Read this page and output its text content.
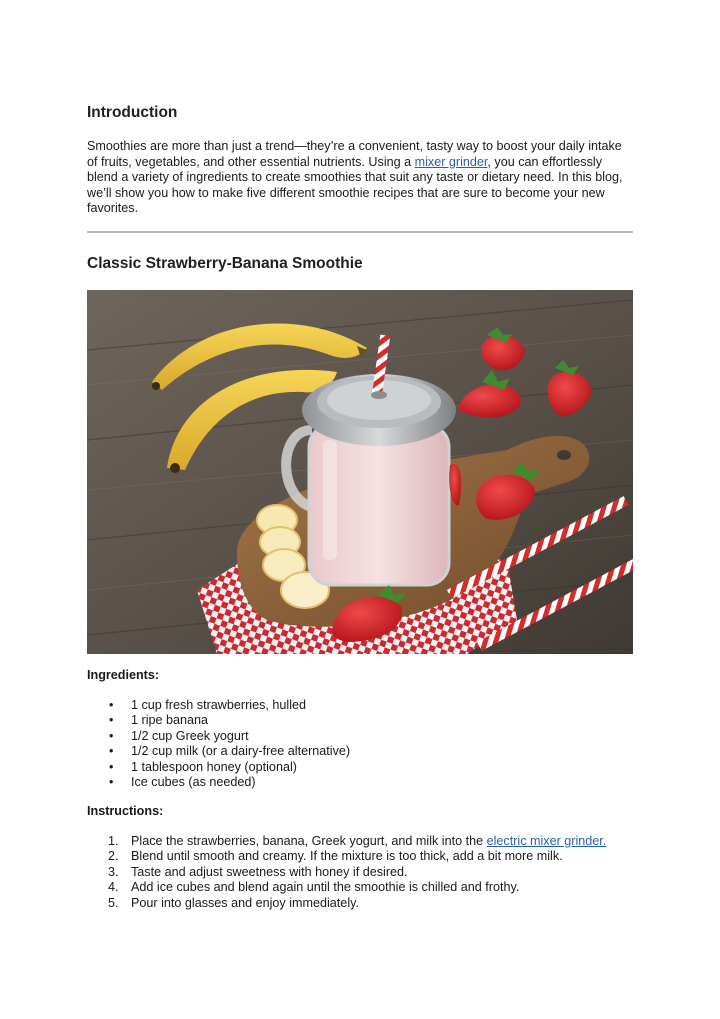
Introduction

Smoothies are more than just a trend—they’re a convenient, tasty way to boost your daily intake of fruits, vegetables, and other essential nutrients. Using a mixer grinder, you can effortlessly blend a variety of ingredients to create smoothies that suit any taste or dietary need. In this blog, we’ll show you how to make five different smoothie recipes that are sure to become your new favorites.

Classic Strawberry-Banana Smoothie

Ingredients:

• 1 cup fresh strawberries, hulled
• 1 ripe banana
• 1/2 cup Greek yogurt
• 1/2 cup milk (or a dairy-free alternative)
• 1 tablespoon honey (optional)
• Ice cubes (as needed)

Instructions:

1. Place the strawberries, banana, Greek yogurt, and milk into the electric mixer grinder.
2. Blend until smooth and creamy. If the mixture is too thick, add a bit more milk.
3. Taste and adjust sweetness with honey if desired.
4. Add ice cubes and blend again until the smoothie is chilled and frothy.
5. Pour into glasses and enjoy immediately.
